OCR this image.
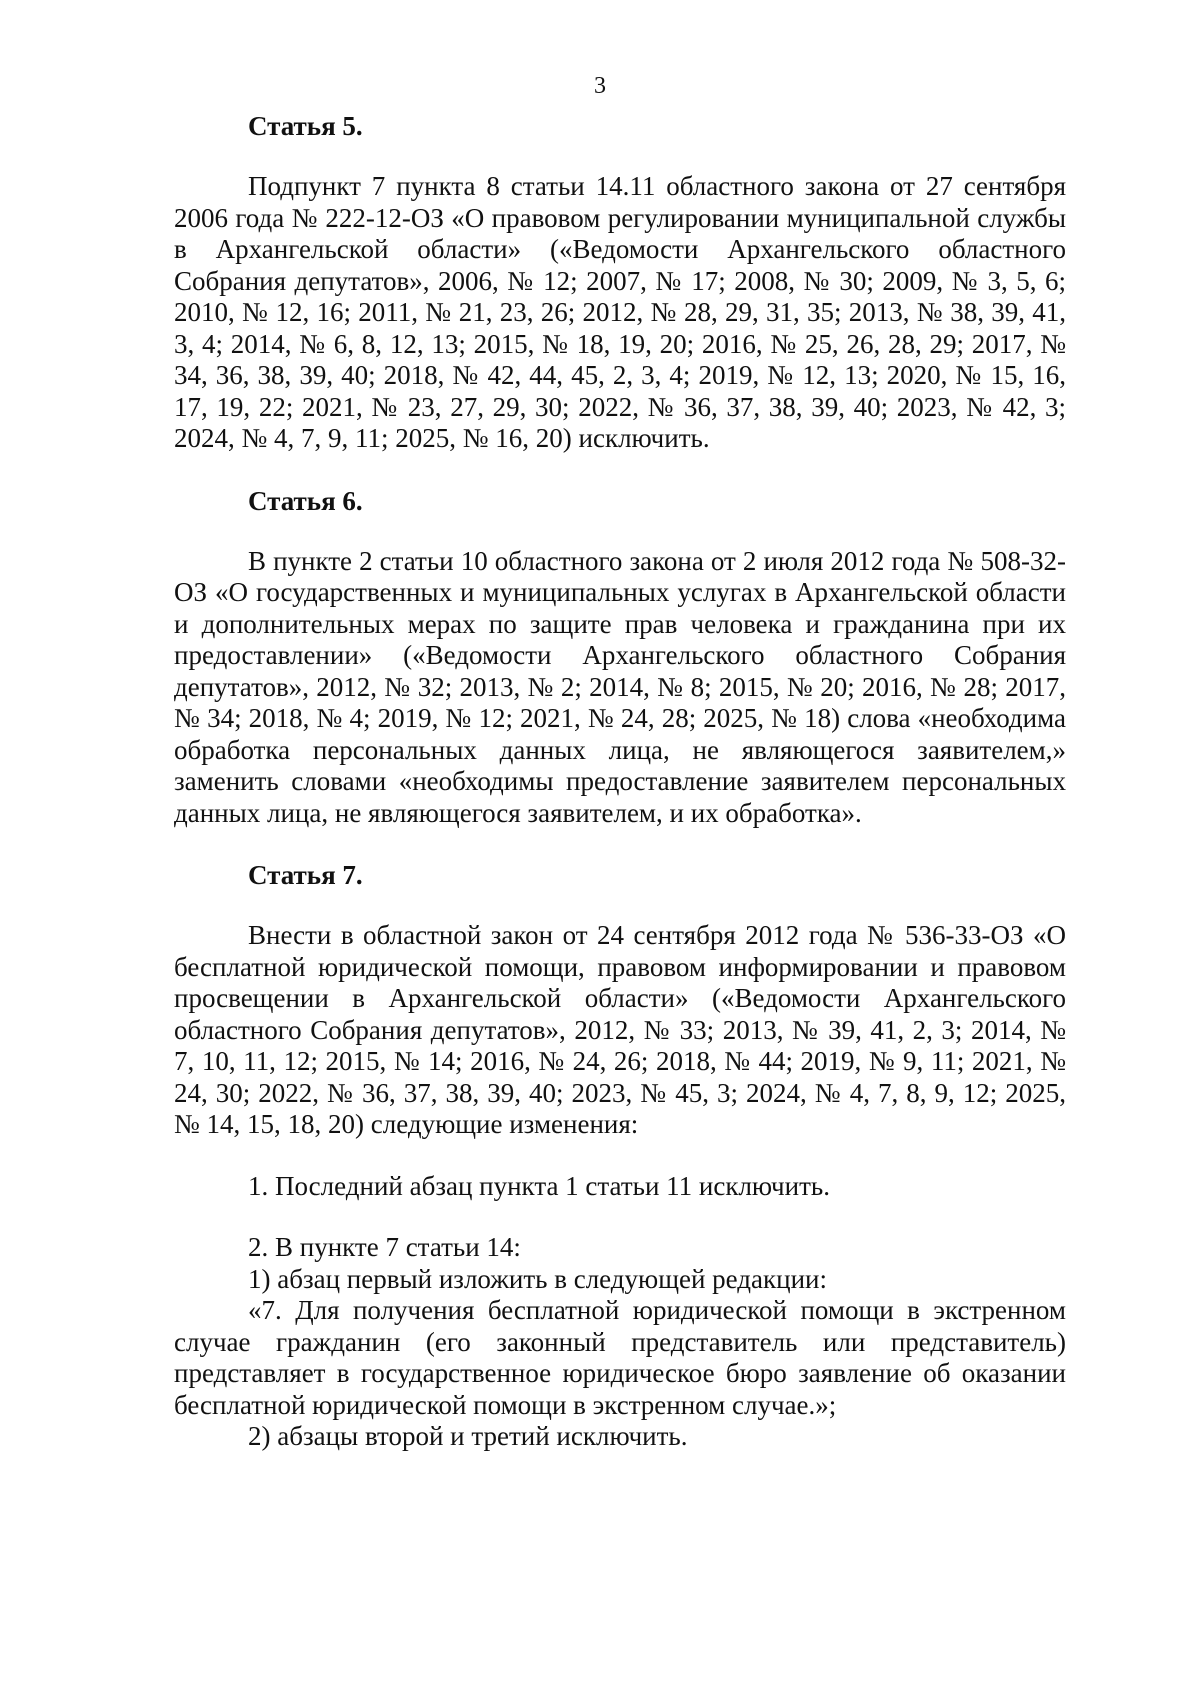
3

Статья 5.

Подпункт 7 пункта 8 статьи 14.11 областного закона от 27 сентября 2006 года № 222-12-ОЗ «О правовом регулировании муниципальной службы в Архангельской области» («Ведомости Архангельского областного Собрания депутатов», 2006, № 12; 2007, № 17; 2008, № 30; 2009, № 3, 5, 6; 2010, № 12, 16; 2011, № 21, 23, 26; 2012, № 28, 29, 31, 35; 2013, № 38, 39, 41, 3, 4; 2014, № 6, 8, 12, 13; 2015, № 18, 19, 20; 2016, № 25, 26, 28, 29; 2017, № 34, 36, 38, 39, 40; 2018, № 42, 44, 45, 2, 3, 4; 2019, № 12, 13; 2020, № 15, 16, 17, 19, 22; 2021, № 23, 27, 29, 30; 2022, № 36, 37, 38, 39, 40; 2023, № 42, 3; 2024, № 4, 7, 9, 11; 2025, № 16, 20) исключить.

Статья 6.

В пункте 2 статьи 10 областного закона от 2 июля 2012 года № 508-32-ОЗ «О государственных и муниципальных услугах в Архангельской области и дополнительных мерах по защите прав человека и гражданина при их предоставлении» («Ведомости Архангельского областного Собрания депутатов», 2012, № 32; 2013, № 2; 2014, № 8; 2015, № 20; 2016, № 28; 2017, № 34; 2018, № 4; 2019, № 12; 2021, № 24, 28; 2025, № 18) слова «необходима обработка персональных данных лица, не являющегося заявителем,» заменить словами «необходимы предоставление заявителем персональных данных лица, не являющегося заявителем, и их обработка».

Статья 7.

Внести в областной закон от 24 сентября 2012 года № 536-33-ОЗ «О бесплатной юридической помощи, правовом информировании и правовом просвещении в Архангельской области» («Ведомости Архангельского областного Собрания депутатов», 2012, № 33; 2013, № 39, 41, 2, 3; 2014, № 7, 10, 11, 12; 2015, № 14; 2016, № 24, 26; 2018, № 44; 2019, № 9, 11; 2021, № 24, 30; 2022, № 36, 37, 38, 39, 40; 2023, № 45, 3; 2024, № 4, 7, 8, 9, 12; 2025, № 14, 15, 18, 20) следующие изменения:

1. Последний абзац пункта 1 статьи 11 исключить.

2. В пункте 7 статьи 14:

1) абзац первый изложить в следующей редакции:

«7. Для получения бесплатной юридической помощи в экстренном случае гражданин (его законный представитель или представитель) представляет в государственное юридическое бюро заявление об оказании бесплатной юридической помощи в экстренном случае.»;

2) абзацы второй и третий исключить.
